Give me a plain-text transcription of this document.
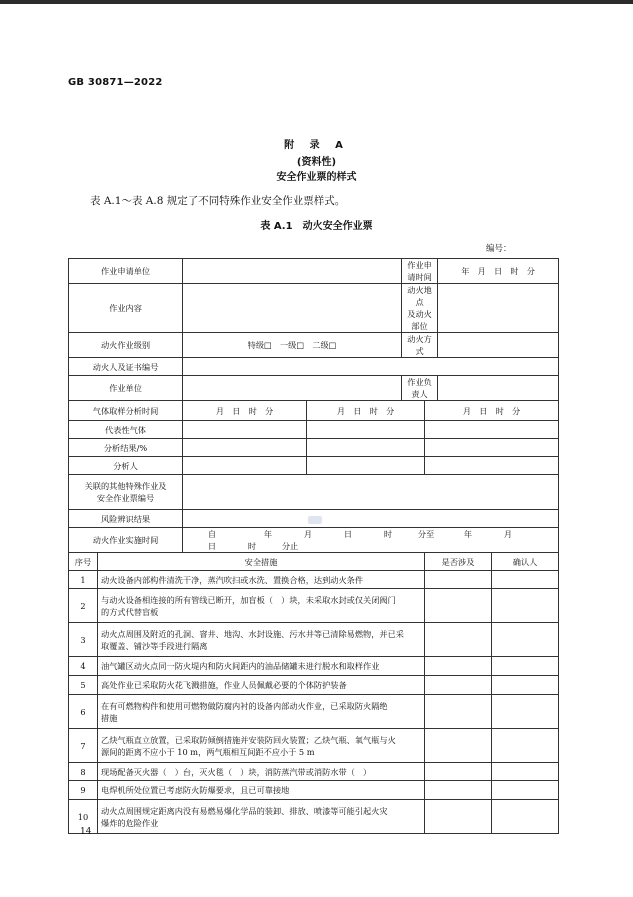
GB 30871—2022
附 录 A
(资料性)
安全作业票的样式
表 A.1～表 A.8 规定了不同特殊作业安全作业票样式。
表 A.1　动火安全作业票
编号：
作业申请单位				作业申请时间		年　月　日　时　分	
作业内容				动火地点
及动火部位			
动火作业级别		特级□　一级□　二级□		动火方式			
动火人及证书编号							
作业单位				作业负责人			
气体取样分析时间		月　日　时　分	月　日　时　分		月　日　时　分		
代表性气体							
分析结果/%							
分析人							
关联的其他特殊作业及
安全作业票编号							
风险辨识结果							
动火作业实施时间		自 年 月 日 时 分至 年 月日 时 分止					
序号	安全措施				是否涉及		确认人
1	动火设备内部构件清洗干净，蒸汽吹扫或水洗、置换合格，达到动火条件						
2	与动火设备相连接的所有管线已断开，加盲板（　）块，未采取水封或仅关闭阀门
的方式代替盲板						
3	动火点周围及附近的孔洞、窨井、地沟、水封设施、污水井等已清除易燃物，并已采
取覆盖、铺沙等手段进行隔离						
4	油气罐区动火点同一防火堤内和防火间距内的油品储罐未进行脱水和取样作业						
5	高处作业已采取防火花飞溅措施，作业人员佩戴必要的个体防护装备						
6	在有可燃物构件和使用可燃物做防腐内衬的设备内部动火作业，已采取防火隔绝
措施						
7	乙炔气瓶直立放置，已采取防倾倒措施并安装防回火装置；乙炔气瓶、氧气瓶与火
源间的距离不应小于 10 m，两气瓶相互间距不应小于 5 m						
8	现场配备灭火器（　）台，灭火毯（　）块，消防蒸汽带或消防水带（　）						
9	电焊机所处位置已考虑防火防爆要求，且已可靠接地						
10	动火点周围规定距离内没有易燃易爆化学品的装卸、排放、喷漆等可能引起火灾
爆炸的危险作业						
14
